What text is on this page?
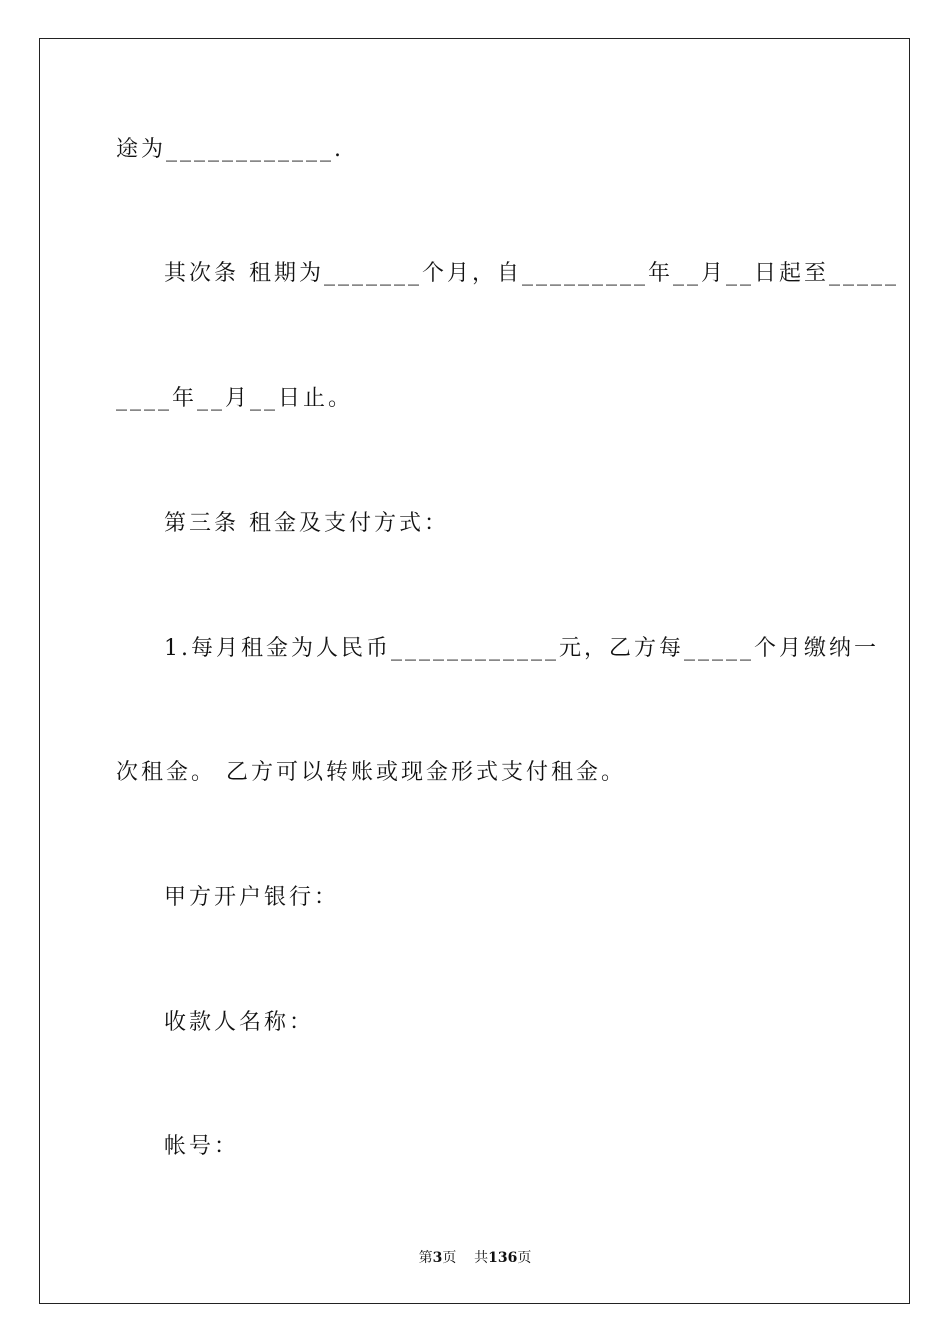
途为____________.
其次条 租期为_______个月，自_________年__月__日起至_____
____年__月__日止。
第三条 租金及支付方式：
1.每月租金为人民币____________元，乙方每_____个月缴纳一
次租金。 乙方可以转账或现金形式支付租金。
甲方开户银行：
收款人名称：
帐号：
第3页 共136页
